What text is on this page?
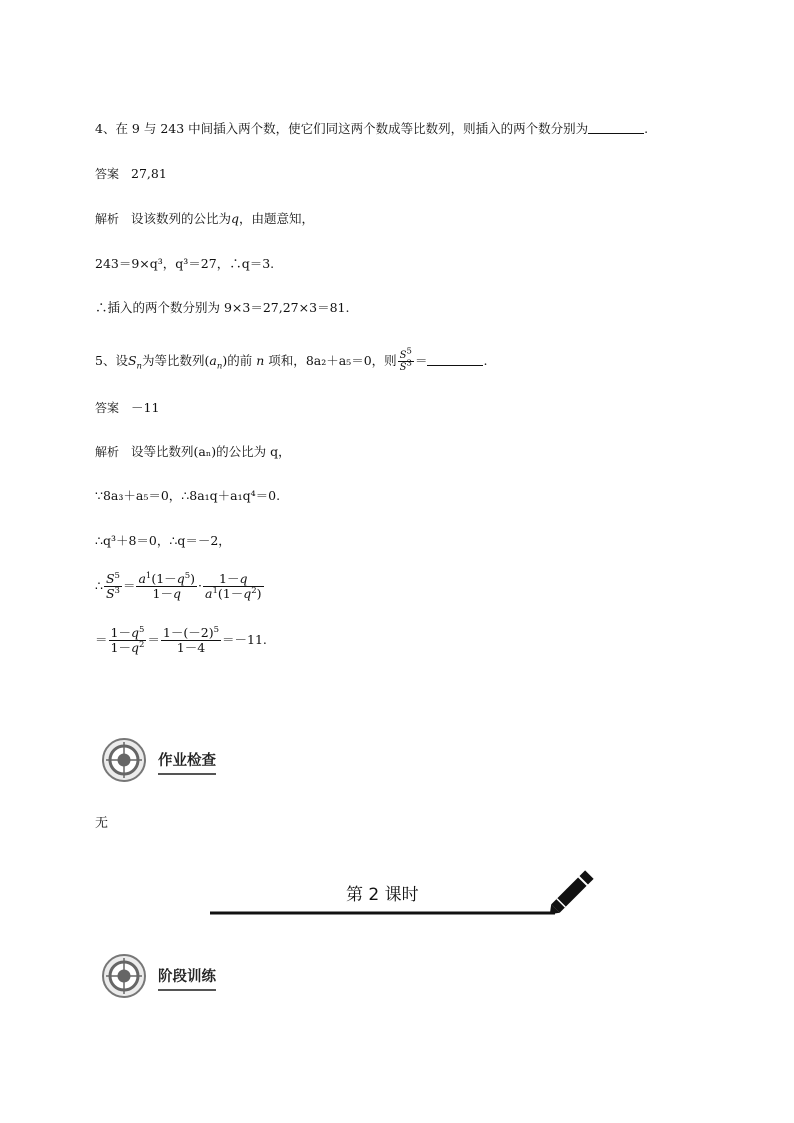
4、在 9 与 243 中间插入两个数，使它们同这两个数成等比数列，则插入的两个数分别为	.
答案 27,81
解析 设该数列的公比为q，由题意知，
243＝9×q³，q³＝27，∴q＝3.
∴插入的两个数分别为 9×3＝27,27×3＝81.
5、设$S_n$为等比数列$(a_n)$的前 n 项和，8a₂＋a₅＝0，则 $\frac{S^5}{S^3}$ ＝	.
答案 －11
解析 设等比数列(aₙ)的公比为 q，
∵8a₃＋a₅＝0，∴8a₁q＋a₁q⁴＝0.
∴q³＋8＝0，∴q＝－2，
∴ $\frac{S^5}{S^3} = \frac{a^1(1-q^5)}{1-q} \cdot \frac{1-q}{a^1(1-q^2)}$
＝ $\frac{1-q^5}{1-q^2} = \frac{1-(-2)^5}{1-4} =-11$.
作业检查
无
第 2 课时
阶段训练
